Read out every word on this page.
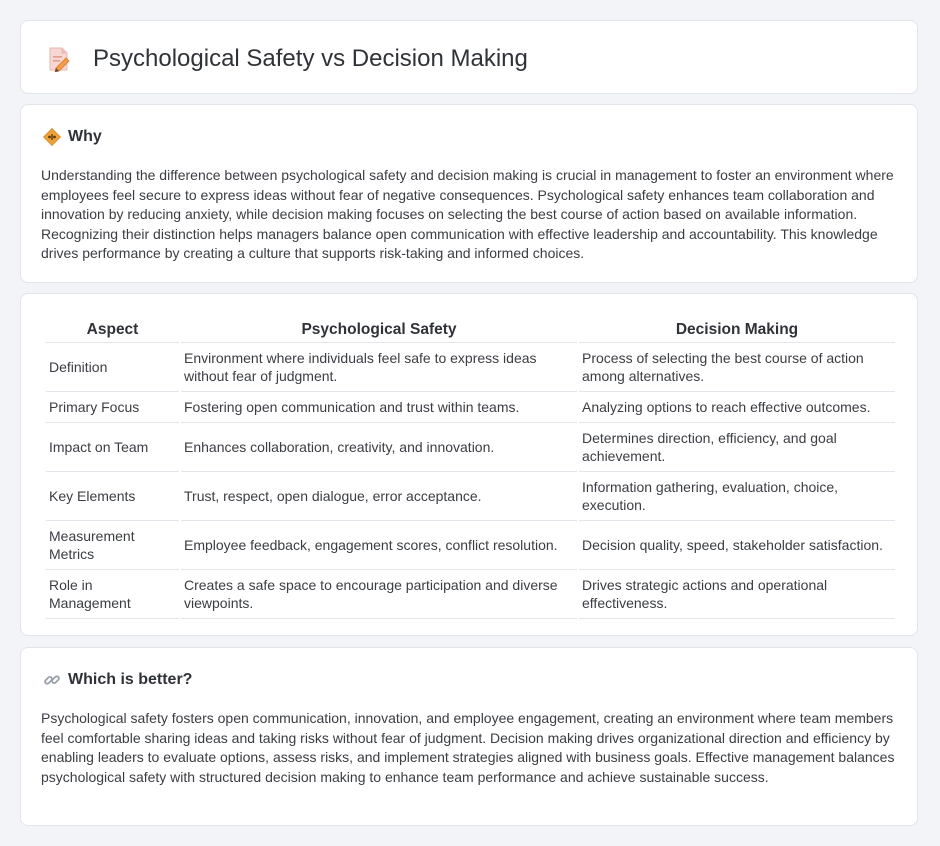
Psychological Safety vs Decision Making
Why

Understanding the difference between psychological safety and decision making is crucial in management to foster an environment where employees feel secure to express ideas without fear of negative consequences. Psychological safety enhances team collaboration and innovation by reducing anxiety, while decision making focuses on selecting the best course of action based on available information. Recognizing their distinction helps managers balance open communication with effective leadership and accountability. This knowledge drives performance by creating a culture that supports risk-taking and informed choices.

Aspect	Psychological Safety	Decision Making
Definition	Environment where individuals feel safe to express ideas without fear of judgment.	Process of selecting the best course of action among alternatives.
Primary Focus	Fostering open communication and trust within teams.	Analyzing options to reach effective outcomes.
Impact on Team	Enhances collaboration, creativity, and innovation.	Determines direction, efficiency, and goal achievement.
Key Elements	Trust, respect, open dialogue, error acceptance.	Information gathering, evaluation, choice, execution.
Measurement Metrics	Employee feedback, engagement scores, conflict resolution.	Decision quality, speed, stakeholder satisfaction.
Role in Management	Creates a safe space to encourage participation and diverse viewpoints.	Drives strategic actions and operational effectiveness.
Which is better?

Psychological safety fosters open communication, innovation, and employee engagement, creating an environment where team members feel comfortable sharing ideas and taking risks without fear of judgment. Decision making drives organizational direction and efficiency by enabling leaders to evaluate options, assess risks, and implement strategies aligned with business goals. Effective management balances psychological safety with structured decision making to enhance team performance and achieve sustainable success.
